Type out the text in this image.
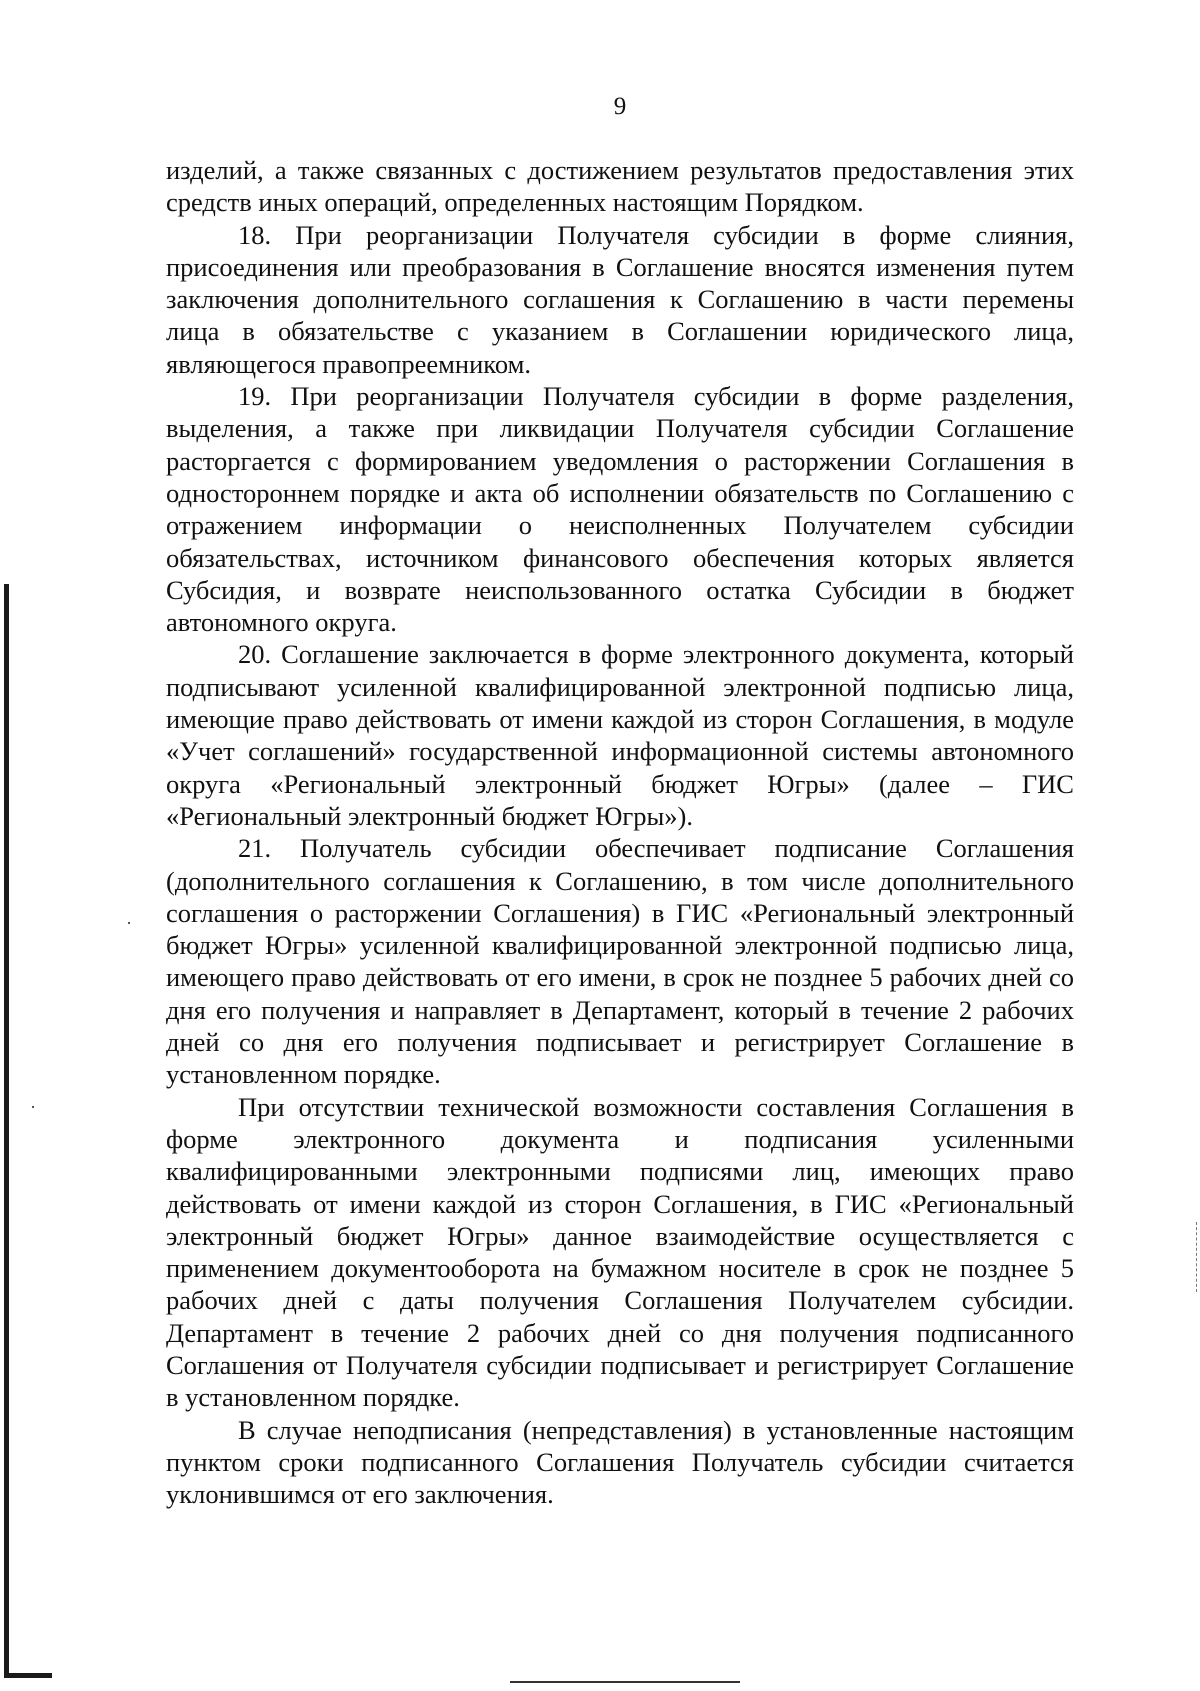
9

изделий, а также связанных с достижением результатов предоставления этих средств иных операций, определенных настоящим Порядком.

18. При реорганизации Получателя субсидии в форме слияния, присоединения или преобразования в Соглашение вносятся изменения путем заключения дополнительного соглашения к Соглашению в части перемены лица в обязательстве с указанием в Соглашении юридического лица, являющегося правопреемником.

19. При реорганизации Получателя субсидии в форме разделения, выделения, а также при ликвидации Получателя субсидии Соглашение расторгается с формированием уведомления о расторжении Соглашения в одностороннем порядке и акта об исполнении обязательств по Соглашению с отражением информации о неисполненных Получателем субсидии обязательствах, источником финансового обеспечения которых является Субсидия, и возврате неиспользованного остатка Субсидии в бюджет автономного округа.

20. Соглашение заключается в форме электронного документа, который подписывают усиленной квалифицированной электронной подписью лица, имеющие право действовать от имени каждой из сторон Соглашения, в модуле «Учет соглашений» государственной информационной системы автономного округа «Региональный электронный бюджет Югры» (далее – ГИС «Региональный электронный бюджет Югры»).

21. Получатель субсидии обеспечивает подписание Соглашения (дополнительного соглашения к Соглашению, в том числе дополнительного соглашения о расторжении Соглашения) в ГИС «Региональный электронный бюджет Югры» усиленной квалифицированной электронной подписью лица, имеющего право действовать от его имени, в срок не позднее 5 рабочих дней со дня его получения и направляет в Департамент, который в течение 2 рабочих дней со дня его получения подписывает и регистрирует Соглашение в установленном порядке.

При отсутствии технической возможности составления Соглашения в форме электронного документа и подписания усиленными квалифицированными электронными подписями лиц, имеющих право действовать от имени каждой из сторон Соглашения, в ГИС «Региональный электронный бюджет Югры» данное взаимодействие осуществляется с применением документооборота на бумажном носителе в срок не позднее 5 рабочих дней с даты получения Соглашения Получателем субсидии. Департамент в течение 2 рабочих дней со дня получения подписанного Соглашения от Получателя субсидии подписывает и регистрирует Соглашение в установленном порядке.

В случае неподписания (непредставления) в установленные настоящим пунктом сроки подписанного Соглашения Получатель субсидии считается уклонившимся от его заключения.
